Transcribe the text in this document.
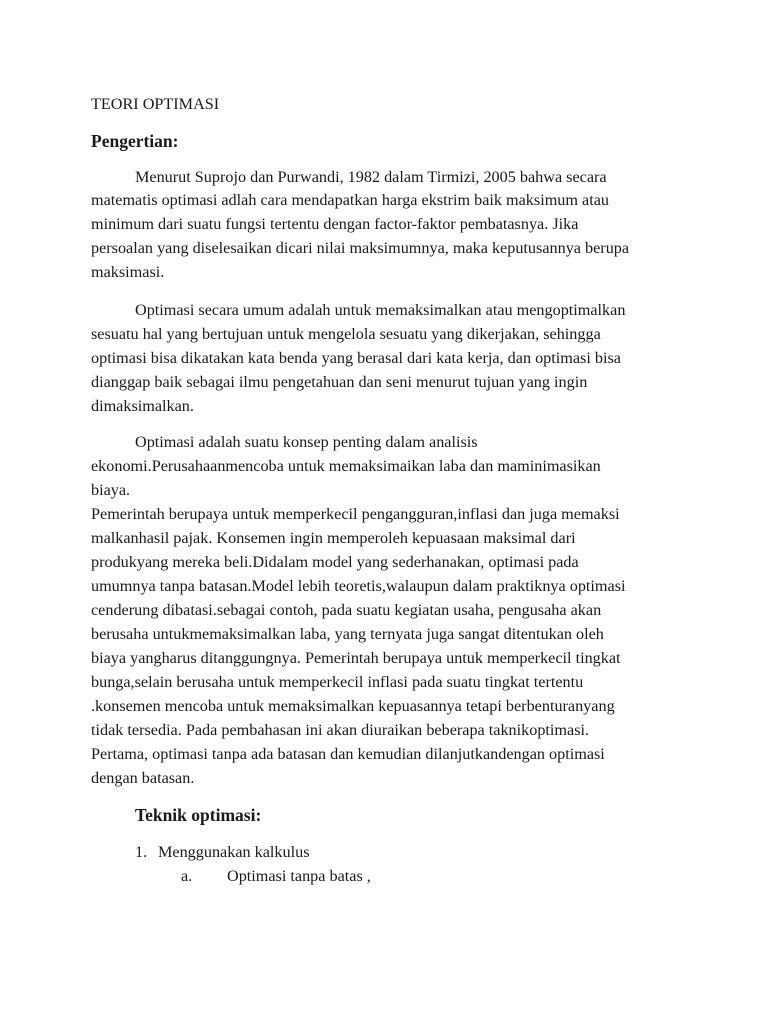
TEORI OPTIMASI

Pengertian:

Menurut Suprojo dan Purwandi, 1982 dalam Tirmizi, 2005 bahwa secara

matematis optimasi adlah cara mendapatkan harga ekstrim baik maksimum atau

minimum dari suatu fungsi tertentu dengan factor-faktor pembatasnya. Jika

persoalan yang diselesaikan dicari nilai maksimumnya, maka keputusannya berupa

maksimasi.

Optimasi secara umum adalah untuk memaksimalkan atau mengoptimalkan

sesuatu hal yang bertujuan untuk mengelola sesuatu yang dikerjakan, sehingga

optimasi bisa dikatakan kata benda yang berasal dari kata kerja, dan optimasi bisa

dianggap baik sebagai ilmu pengetahuan dan seni menurut tujuan yang ingin

dimaksimalkan.

Optimasi adalah suatu konsep penting dalam analisis

ekonomi.Perusahaanmencoba untuk memaksimaikan laba dan maminimasikan

biaya.

Pemerintah berupaya untuk memperkecil pengangguran,inflasi dan juga memaksi

malkanhasil pajak. Konsemen ingin memperoleh kepuasaan maksimal dari

produkyang mereka beli.Didalam model yang sederhanakan, optimasi pada

umumnya tanpa batasan.Model lebih teoretis,walaupun dalam praktiknya optimasi

cenderung dibatasi.sebagai contoh, pada suatu kegiatan usaha, pengusaha akan

berusaha untukmemaksimalkan laba, yang ternyata juga sangat ditentukan oleh

biaya yangharus ditanggungnya. Pemerintah berupaya untuk memperkecil tingkat

bunga,selain berusaha untuk memperkecil inflasi pada suatu tingkat tertentu

.konsemen mencoba untuk memaksimalkan kepuasannya tetapi berbenturanyang

tidak tersedia. Pada pembahasan ini akan diuraikan beberapa taknikoptimasi.

Pertama, optimasi tanpa ada batasan dan kemudian dilanjutkandengan optimasi

dengan batasan.

Teknik optimasi:

1. Menggunakan kalkulus

a. Optimasi tanpa batas ,
